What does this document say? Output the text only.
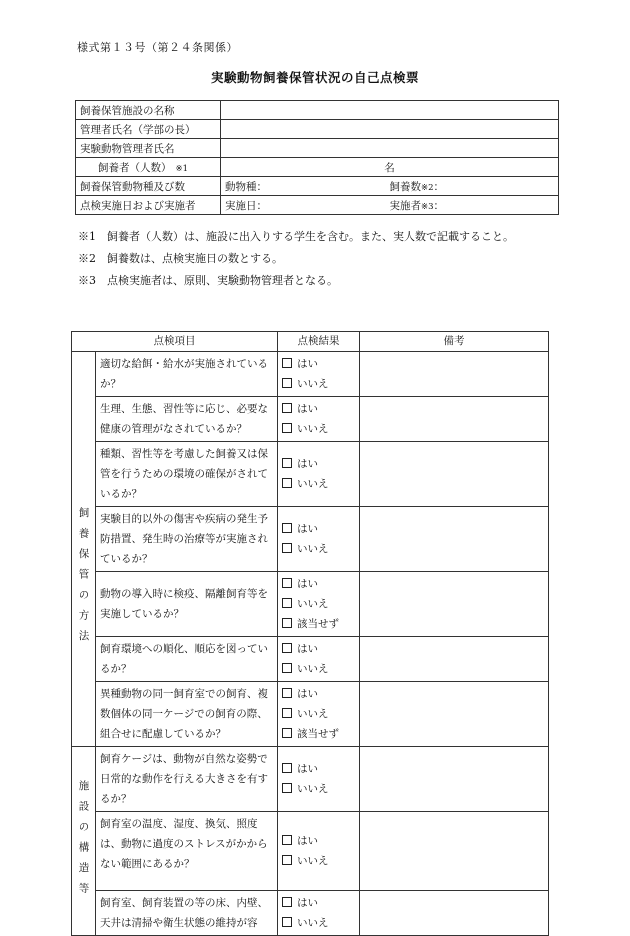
様式第１３号（第２４条関係）
実験動物飼養保管状況の自己点検票
飼養保管施設の名称	
管理者氏名（学部の長）	
実験動物管理者氏名	
飼養者（人数） ※1	名
飼養保管動物種及び数	動物種： 飼養数※2：

点検実施日および実施者	実施日： 実施者※3：
※1　飼養者（人数）は、施設に出入りする学生を含む。また、実人数で記載すること。
※2　飼養数は、点検実施日の数とする。
※3　点検実施者は、原則、実験動物管理者となる。
点検項目		点検結果	備考

飼養保管の方法	適切な給餌・給水が実施されているか？	はい
いいえ	

	生理、生態、習性等に応じ、必要な健康の管理がなされているか？	はい
いいえ	

	種類、習性等を考慮した飼養又は保管を行うための環境の確保がされているか？	はい
いいえ	

	実験目的以外の傷害や疾病の発生予防措置、発生時の治療等が実施されているか？	はい
いいえ	

	動物の導入時に検疫、隔離飼育等を実施しているか？	はい
いいえ
該当せず	

	飼育環境への順化、順応を図っているか？	はい
いいえ	

	異種動物の同一飼育室での飼育、複数個体の同一ケージでの飼育の際、組合せに配慮しているか？	はい
いいえ
該当せず	

施設の構造等	飼育ケージは、動物が自然な姿勢で日常的な動作を行える大きさを有するか？	はい
いいえ	

	飼育室の温度、湿度、換気、照度は、動物に過度のストレスがかからない範囲にあるか？	はい
いいえ	

	飼育室、飼育装置の等の床、内壁、天井は清掃や衛生状態の維持が容	はい
いいえ	
